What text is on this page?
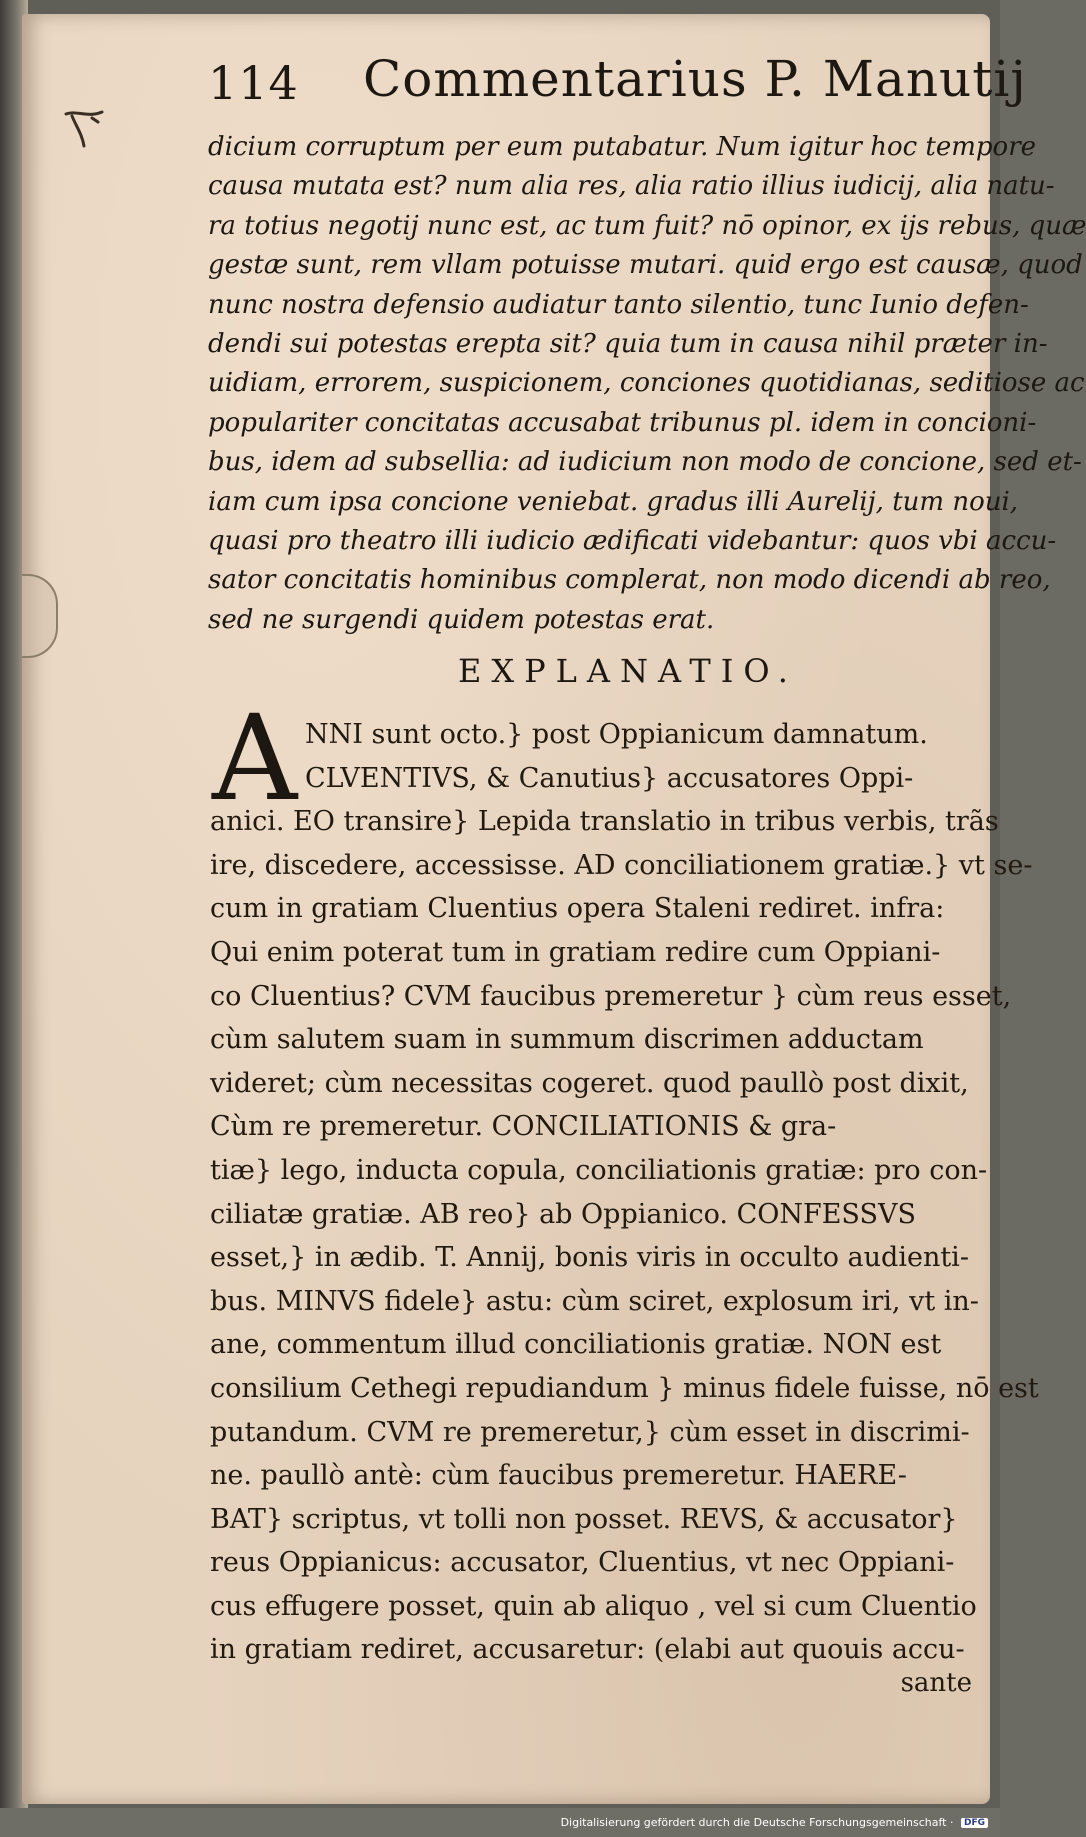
114 Commentarius P. Manutij
dicium corruptum per eum putabatur. Num igitur hoc tempore
causa mutata est? num alia res, alia ratio illius iudicij, alia natu-
ra totius negotij nunc est, ac tum fuit? nō opinor, ex ijs rebus, quæ
gestæ sunt, rem vllam potuisse mutari. quid ergo est causæ, quod
nunc nostra defensio audiatur tanto silentio, tunc Iunio defen-
dendi sui potestas erepta sit? quia tum in causa nihil præter in-
uidiam, errorem, suspicionem, conciones quotidianas, seditiose ac
populariter concitatas accusabat tribunus pl. idem in concioni-
bus, idem ad subsellia: ad iudicium non modo de concione, sed et-
iam cum ipsa concione veniebat. gradus illi Aurelij, tum noui,
quasi pro theatro illi iudicio ædificati videbantur: quos vbi accu-
sator concitatis hominibus complerat, non modo dicendi ab reo,
sed ne surgendi quidem potestas erat.
EXPLANATIO.
A NNI sunt octo.} post Oppianicum damnatum.
CLVENTIVS, & Canutius} accusatores Oppi-
anici. EO transire} Lepida translatio in tribus verbis, trãs
ire, discedere, accessisse. AD conciliationem gratiæ.} vt se-
cum in gratiam Cluentius opera Staleni rediret. infra:
Qui enim poterat tum in gratiam redire cum Oppiani-
co Cluentius? CVM faucibus premeretur } cùm reus esset,
cùm salutem suam in summum discrimen adductam
videret; cùm necessitas cogeret. quod paullò post dixit,
Cùm re premeretur. CONCILIATIONIS & gra-
tiæ} lego, inducta copula, conciliationis gratiæ: pro con-
ciliatæ gratiæ. AB reo} ab Oppianico. CONFESSVS
esset,} in ædib. T. Annij, bonis viris in occulto audienti-
bus. MINVS fidele} astu: cùm sciret, explosum iri, vt in-
ane, commentum illud conciliationis gratiæ. NON est
consilium Cethegi repudiandum } minus fidele fuisse, nō est
putandum. CVM re premeretur,} cùm esset in discrimi-
ne. paullò antè: cùm faucibus premeretur. HAERE-
BAT} scriptus, vt tolli non posset. REVS, & accusator}
reus Oppianicus: accusator, Cluentius, vt nec Oppiani-
cus effugere posset, quin ab aliquo , vel si cum Cluentio
in gratiam rediret, accusaretur: (elabi aut quouis accu-
sante
Digitalisierung gefördert durch die Deutsche Forschungsgemeinschaft · DFG
